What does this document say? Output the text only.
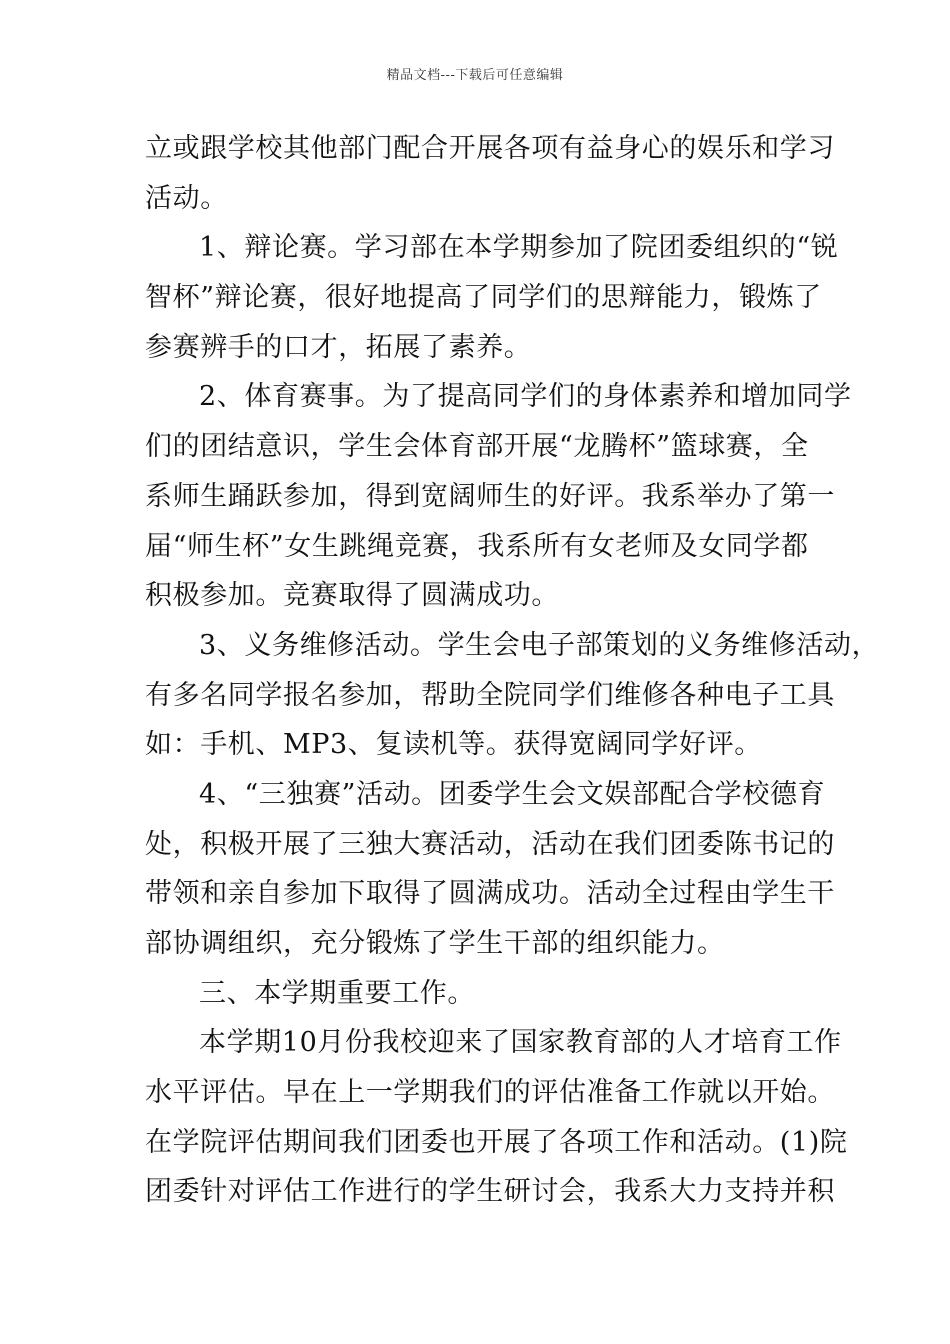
精品文档---下载后可任意编辑
立或跟学校其他部门配合开展各项有益身心的娱乐和学习
活动。
1、辩论赛。学习部在本学期参加了院团委组织的“锐
智杯”辩论赛，很好地提高了同学们的思辩能力，锻炼了
参赛辨手的口才，拓展了素养。
2、体育赛事。为了提高同学们的身体素养和增加同学
们的团结意识，学生会体育部开展“龙腾杯”篮球赛，全
系师生踊跃参加，得到宽阔师生的好评。我系举办了第一
届“师生杯”女生跳绳竞赛，我系所有女老师及女同学都
积极参加。竞赛取得了圆满成功。
3、义务维修活动。学生会电子部策划的义务维修活动，
有多名同学报名参加，帮助全院同学们维修各种电子工具
如：手机、MP3、复读机等。获得宽阔同学好评。
4、“三独赛”活动。团委学生会文娱部配合学校德育
处，积极开展了三独大赛活动，活动在我们团委陈书记的
带领和亲自参加下取得了圆满成功。活动全过程由学生干
部协调组织，充分锻炼了学生干部的组织能力。
三、本学期重要工作。
本学期10月份我校迎来了国家教育部的人才培育工作
水平评估。早在上一学期我们的评估准备工作就以开始。
在学院评估期间我们团委也开展了各项工作和活动。(1)院
团委针对评估工作进行的学生研讨会，我系大力支持并积
